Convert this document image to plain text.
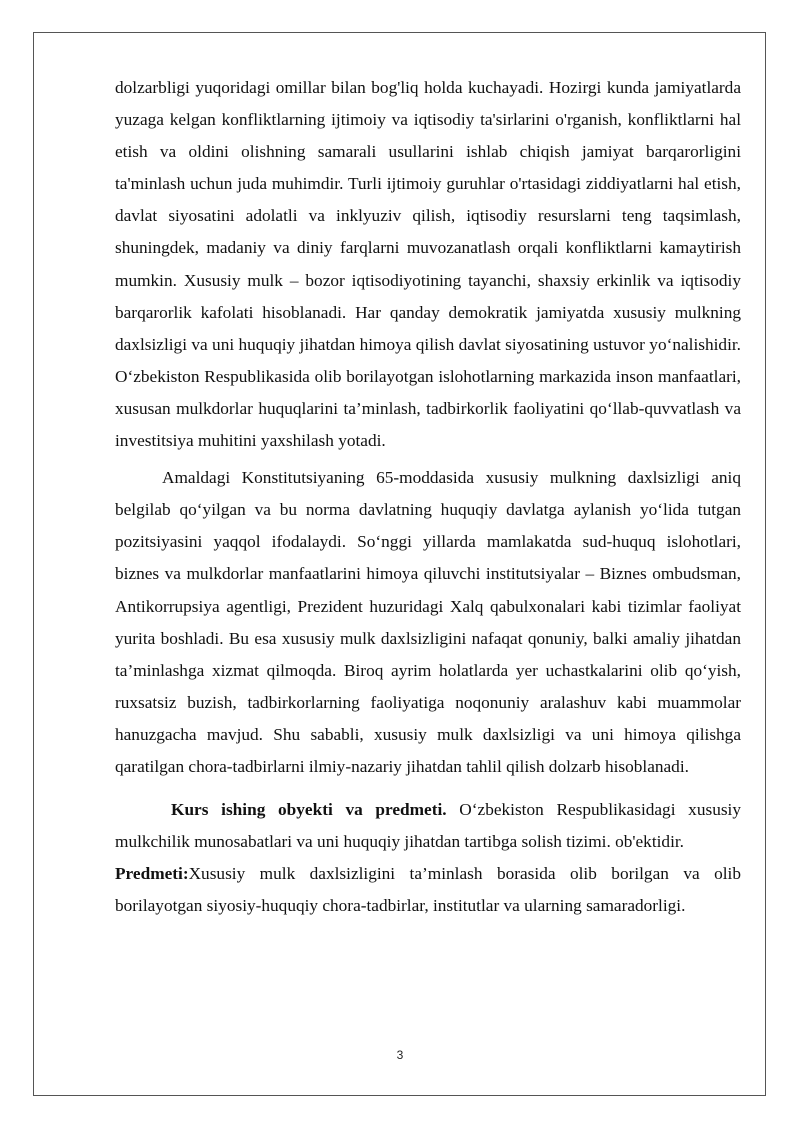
dolzarbligi yuqoridagi omillar bilan bog'liq holda kuchayadi. Hozirgi kunda jamiyatlarda yuzaga kelgan konfliktlarning ijtimoiy va iqtisodiy ta'sirlarini o'rganish, konfliktlarni hal etish va oldini olishning samarali usullarini ishlab chiqish jamiyat barqarorligini ta'minlash uchun juda muhimdir. Turli ijtimoiy guruhlar o'rtasidagi ziddiyatlarni hal etish, davlat siyosatini adolatli va inklyuziv qilish, iqtisodiy resurslarni teng taqsimlash, shuningdek, madaniy va diniy farqlarni muvozanatlash orqali konfliktlarni kamaytirish mumkin. Xususiy mulk – bozor iqtisodiyotining tayanchi, shaxsiy erkinlik va iqtisodiy barqarorlik kafolati hisoblanadi. Har qanday demokratik jamiyatda xususiy mulkning daxlsizligi va uni huquqiy jihatdan himoya qilish davlat siyosatining ustuvor yo‘nalishidir. O‘zbekiston Respublikasida olib borilayotgan islohotlarning markazida inson manfaatlari, xususan mulkdorlar huquqlarini ta’minlash, tadbirkorlik faoliyatini qo‘llab-quvvatlash va investitsiya muhitini yaxshilash yotadi.

Amaldagi Konstitutsiyaning 65-moddasida xususiy mulkning daxlsizligi aniq belgilab qo‘yilgan va bu norma davlatning huquqiy davlatga aylanish yo‘lida tutgan pozitsiyasini yaqqol ifodalaydi. So‘nggi yillarda mamlakatda sud-huquq islohotlari, biznes va mulkdorlar manfaatlarini himoya qiluvchi institutsiyalar – Biznes ombudsman, Antikorrupsiya agentligi, Prezident huzuridagi Xalq qabulxonalari kabi tizimlar faoliyat yurita boshladi. Bu esa xususiy mulk daxlsizligini nafaqat qonuniy, balki amaliy jihatdan ta’minlashga xizmat qilmoqda. Biroq ayrim holatlarda yer uchastkalarini olib qo‘yish, ruxsatsiz buzish, tadbirkorlarning faoliyatiga noqonuniy aralashuv kabi muammolar hanuzgacha mavjud. Shu sababli, xususiy mulk daxlsizligi va uni himoya qilishga qaratilgan chora-tadbirlarni ilmiy-nazariy jihatdan tahlil qilish dolzarb hisoblanadi.

Kurs ishing obyekti va predmeti. O‘zbekiston Respublikasidagi xususiy mulkchilik munosabatlari va uni huquqiy jihatdan tartibga solish tizimi. ob'ektidir.
Predmeti:Xususiy mulk daxlsizligini ta’minlash borasida olib borilgan va olib borilayotgan siyosiy-huquqiy chora-tadbirlar, institutlar va ularning samaradorligi.

3
